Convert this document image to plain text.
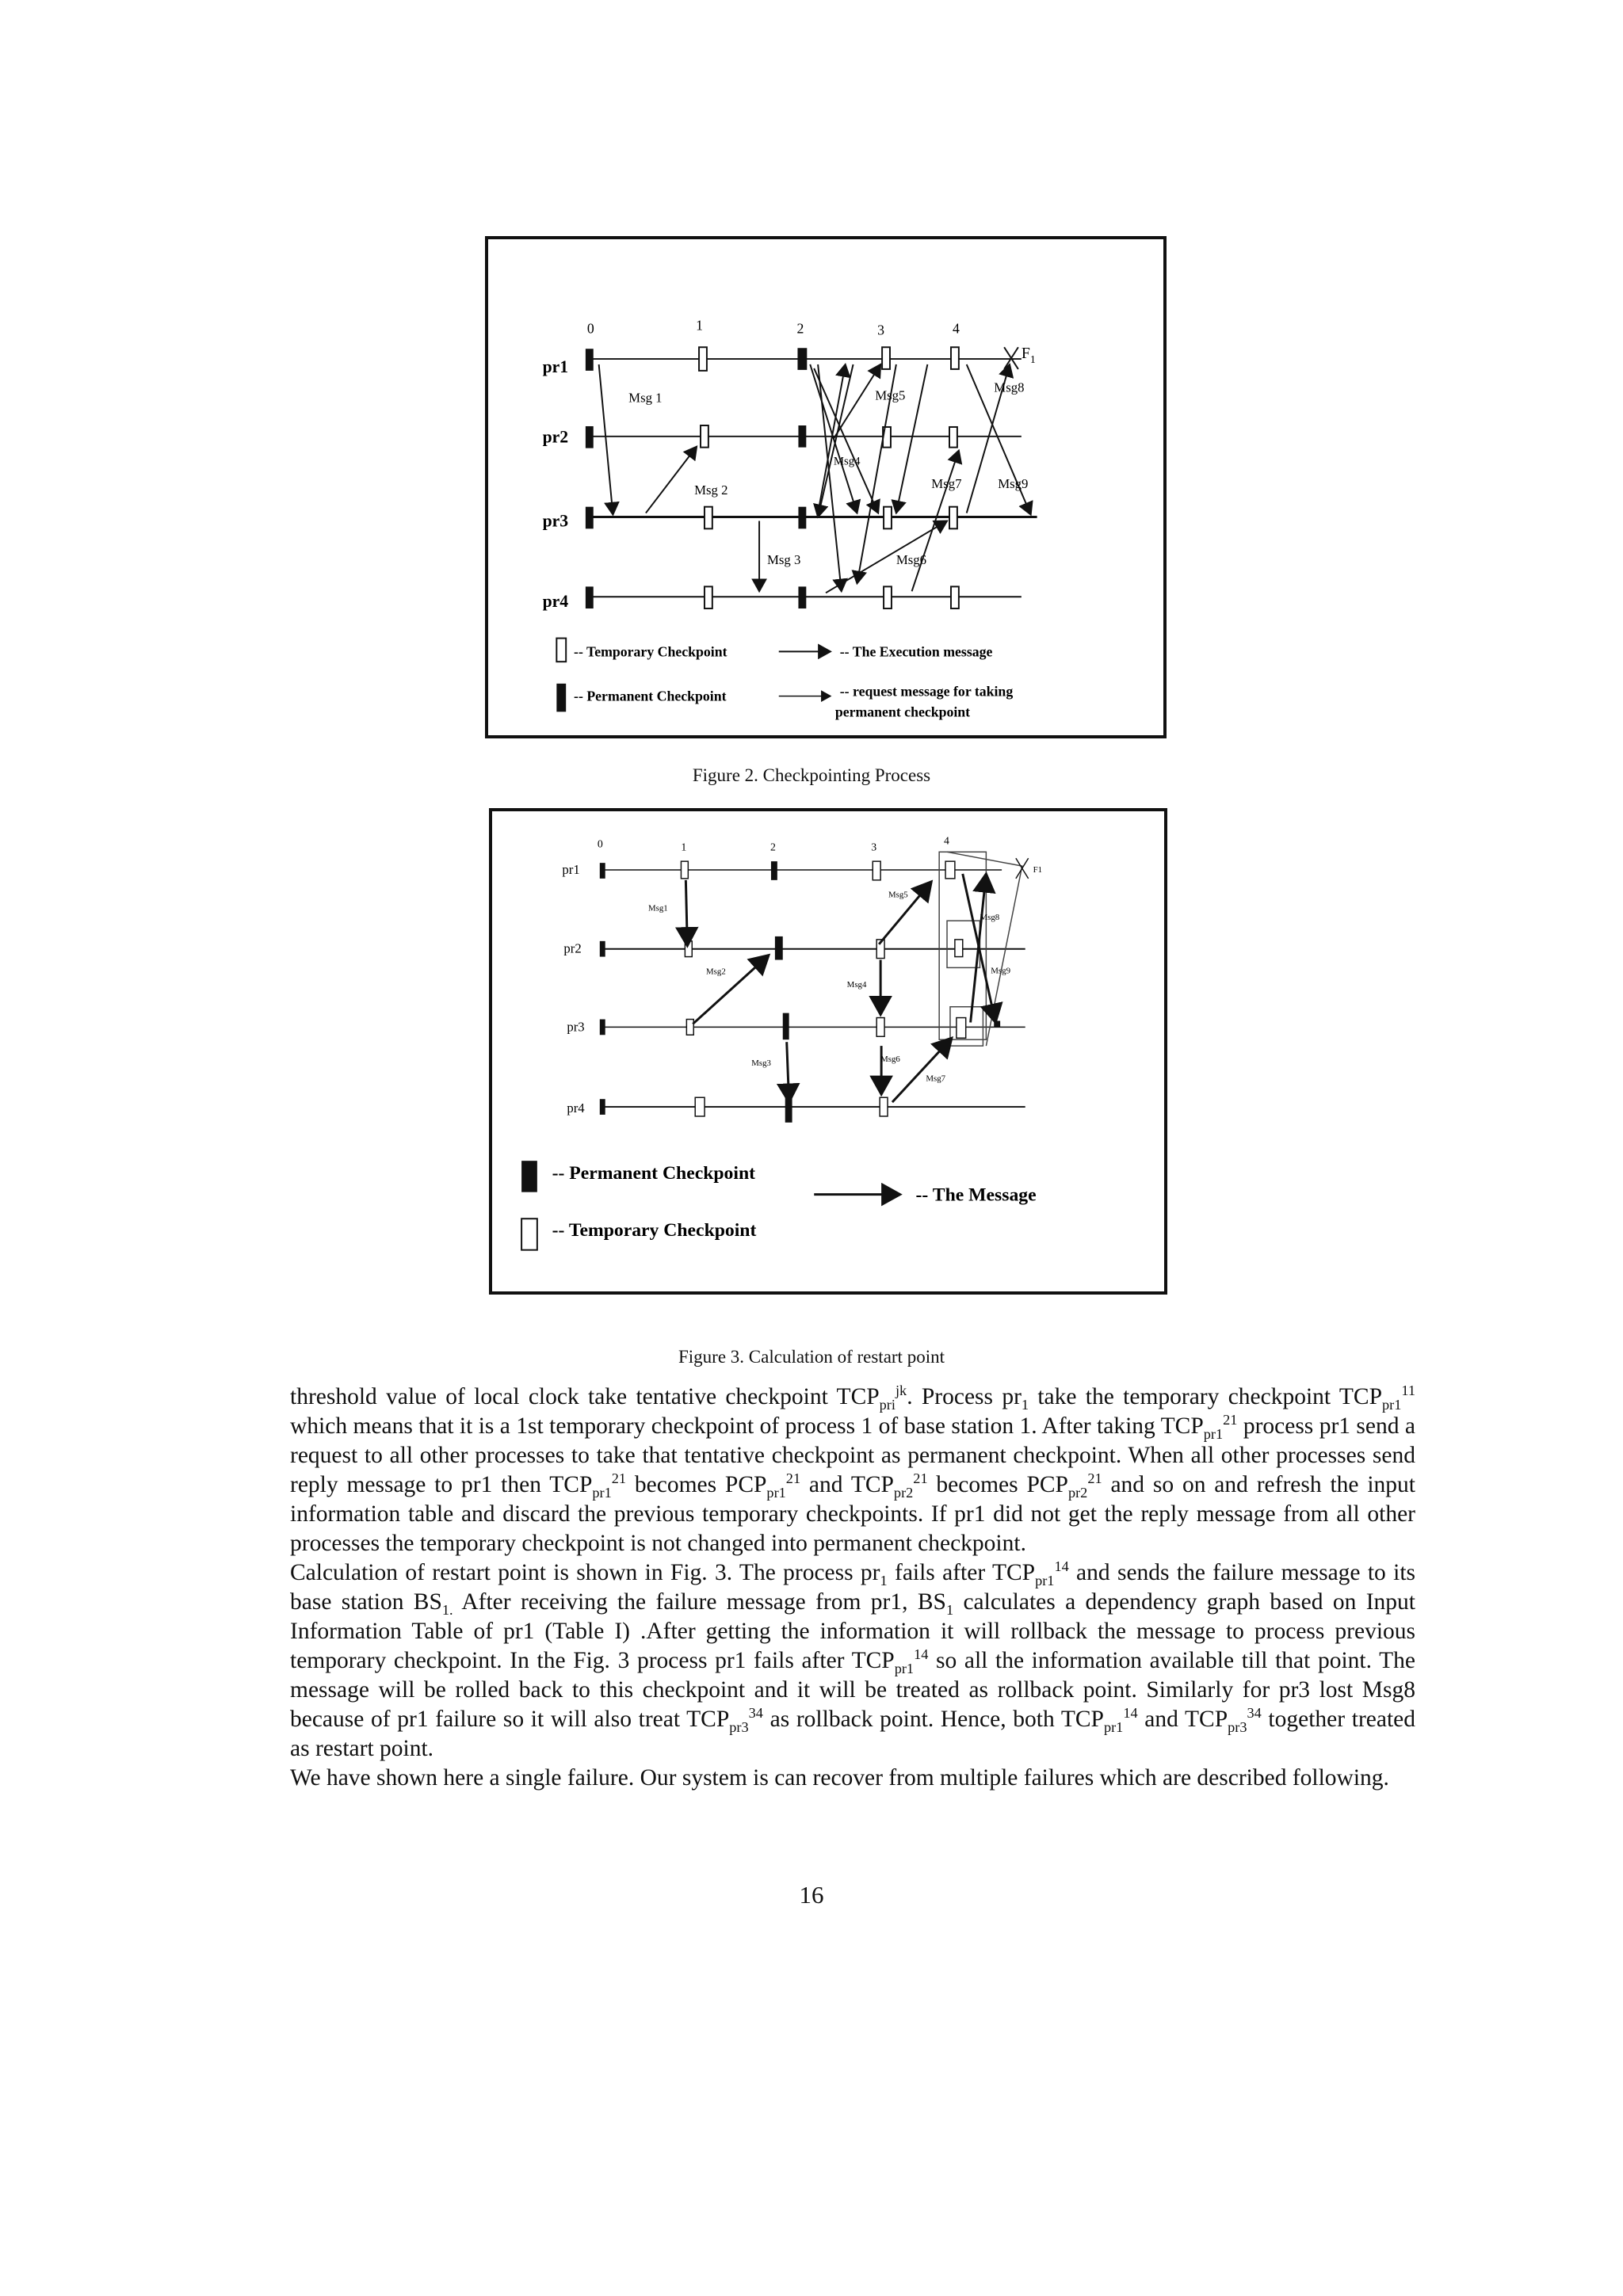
0	1	2	3	4
pr1
pr2
pr3
pr4
$F_1$
Msg 1
Msg 2
Msg 3
Msg4
Msg5
Msg6
Msg7
Msg8
Msg9
-- Temporary Checkpoint
-- Permanent Checkpoint
-- The Execution message
-- request message for taking
permanent checkpoint
Figure 2. Checkpointing Process
0	1	2	3
4
pr1
pr2
pr3
pr4
F1
Msg1
Msg2
Msg3
Msg4
Msg5
Msg6
Msg7
Msg8
Msg9
-- Permanent Checkpoint
-- Temporary Checkpoint
-- The Message
Figure 3. Calculation of restart point

threshold value of local clock take tentative checkpoint $TCP_{pri}^{jk}$. Process $pr_1$ take the temporary checkpoint $TCP_{pr1}^{11}$ which means that it is a 1st temporary checkpoint of process 1 of base station 1. After taking $TCP_{pr1}^{21}$ process pr1 send a request to all other processes to take that tentative checkpoint as permanent checkpoint. When all other processes send reply message to pr1 then $TCP_{pr1}^{21}$ becomes $PCP_{pr1}^{21}$ and $TCP_{pr2}^{21}$ becomes $PCP_{pr2}^{21}$ and so on and refresh the input information table and discard the previous temporary checkpoints. If pr1 did not get the reply message from all other processes the temporary checkpoint is not changed into permanent checkpoint.

Calculation of restart point is shown in Fig. 3. The process $pr_1$ fails after $TCP_{pr1}^{14}$ and sends the failure message to its base station $BS_{1.}$ After receiving the failure message from pr1, $BS_1$ calculates a dependency graph based on Input Information Table of pr1 (Table I) .After getting the information it will rollback the message to process previous temporary checkpoint. In the Fig. 3 process pr1 fails after $TCP_{pr1}^{14}$ so all the information available till that point. The message will be rolled back to this checkpoint and it will be treated as rollback point. Similarly for pr3 lost Msg8 because of pr1 failure so it will also treat $TCP_{pr3}^{34}$ as rollback point. Hence, both $TCP_{pr1}^{14}$ and $TCP_{pr3}^{34}$ together treated as restart point.

We have shown here a single failure. Our system is can recover from multiple failures which are described following.

16
